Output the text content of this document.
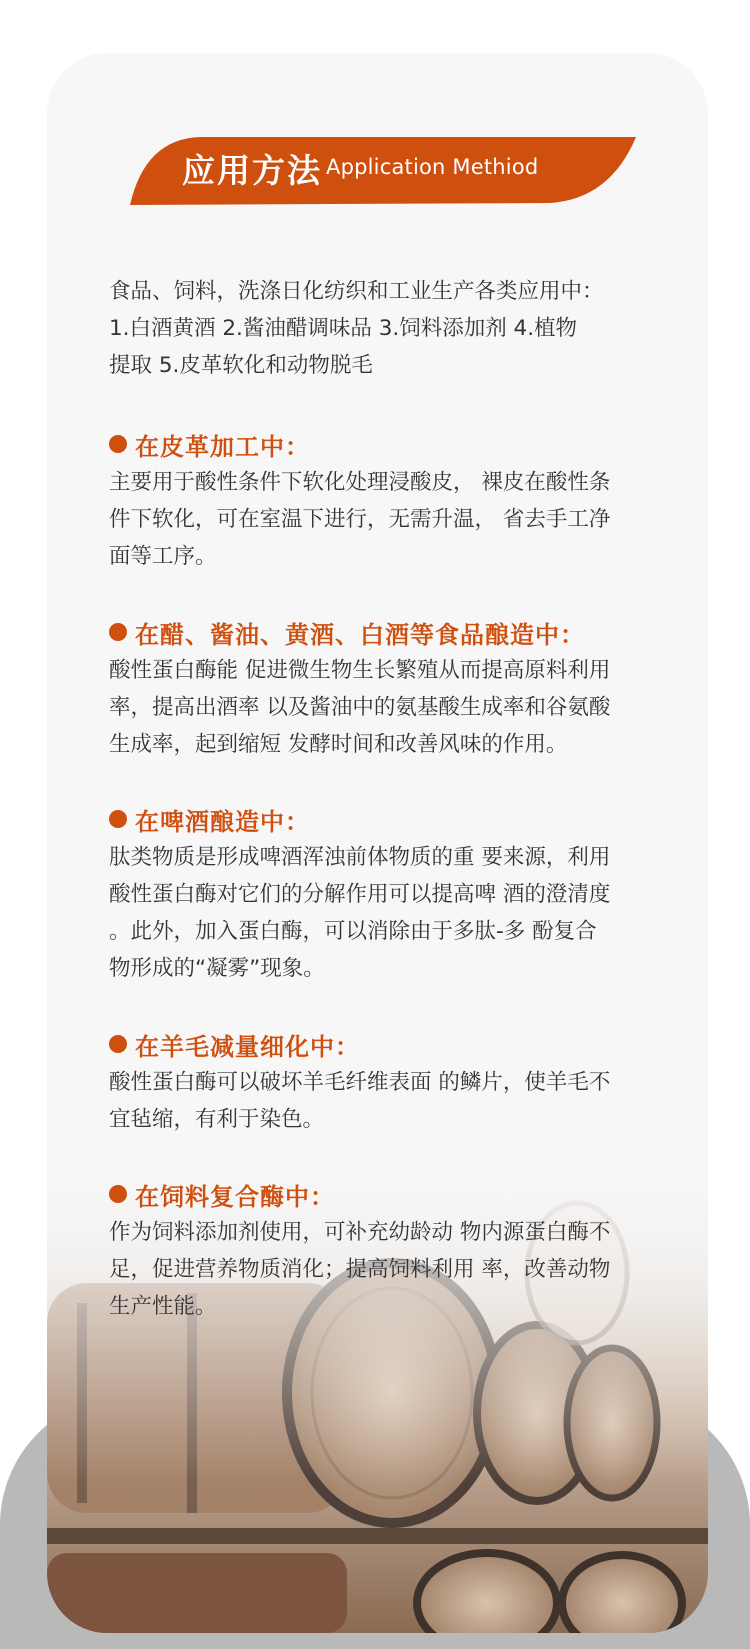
应用方法 Application Methiod
食品、饲料，洗涤日化纺织和工业生产各类应用中：
1.白酒黄酒 2.酱油醋调味品 3.饲料添加剂 4.植物
提取 5.皮革软化和动物脱毛
在皮革加工中：
主要用于酸性条件下软化处理浸酸皮， 裸皮在酸性条
件下软化，可在室温下进行，无需升温， 省去手工净
面等工序。
在醋、酱油、黄酒、白酒等食品酿造中：
酸性蛋白酶能 促进微生物生长繁殖从而提高原料利用
率，提高出酒率 以及酱油中的氨基酸生成率和谷氨酸
生成率，起到缩短 发酵时间和改善风味的作用。
在啤酒酿造中：
肽类物质是形成啤酒浑浊前体物质的重 要来源，利用
酸性蛋白酶对它们的分解作用可以提高啤 酒的澄清度
。此外，加入蛋白酶，可以消除由于多肽-多 酚复合
物形成的“凝雾”现象。
在羊毛减量细化中：
酸性蛋白酶可以破坏羊毛纤维表面 的鳞片，使羊毛不
宜毡缩，有利于染色。
在饲料复合酶中：
作为饲料添加剂使用，可补充幼龄动 物内源蛋白酶不
足，促进营养物质消化；提高饲料利用 率，改善动物
生产性能。
